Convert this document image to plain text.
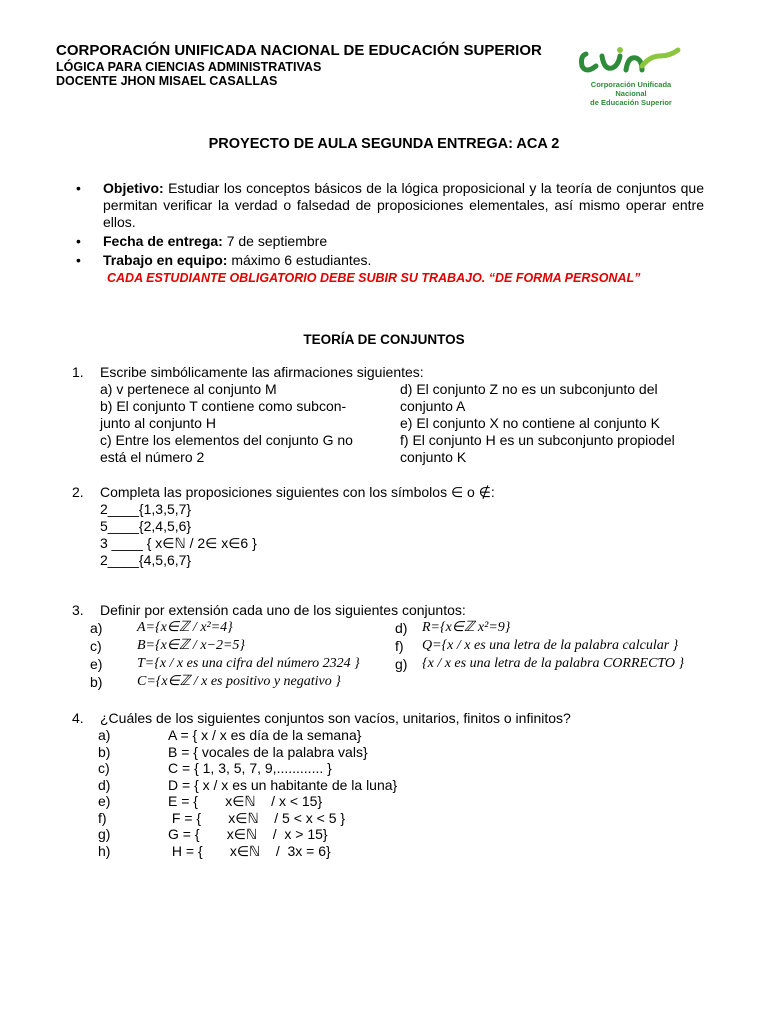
CORPORACIÓN UNIFICADA NACIONAL DE EDUCACIÓN SUPERIOR
LÓGICA PARA CIENCIAS ADMINISTRATIVAS
DOCENTE JHON MISAEL CASALLAS	Corporación Unificada Nacional
de Educación Superior
PROYECTO DE AULA SEGUNDA ENTREGA: ACA 2
• Objetivo: Estudiar los conceptos básicos de la lógica proposicional y la teoría de conjuntos que permitan verificar la verdad o falsedad de proposiciones elementales, así mismo operar entre ellos.
• Fecha de entrega: 7 de septiembre
• Trabajo en equipo: máximo 6 estudiantes.
CADA ESTUDIANTE OBLIGATORIO DEBE SUBIR SU TRABAJO. “DE FORMA PERSONAL”
TEORÍA DE CONJUNTOS
1. Escribe simbólicamente las afirmaciones siguientes:
a) v pertenece al conjunto M
b) El conjunto T contiene como subcon-
junto al conjunto H
c) Entre los elementos del conjunto G no
está el número 2
d) El conjunto Z no es un subconjunto del
conjunto A
e) El conjunto X no contiene al conjunto K
f) El conjunto H es un subconjunto propiodel
conjunto K
2. Completa las proposiciones siguientes con los símbolos ∈ o ∉:
2____{1,3,5,7}
5____{2,4,5,6}
3 ____ { x∈ℕ / 2∈ x∈6 }
2____{4,5,6,7}
3. Definir por extensión cada uno de los siguientes conjuntos:
a)	A={x∈ℤ / x²=4}	d)	R={x∈ℤ x²=9}
c)	B={x∈ℤ / x−2=5}	f)	Q={x / x es una letra de la palabra calcular }
e)	T={x / x es una cifra del número 2324 }	g)	{x / x es una letra de la palabra CORRECTO }
b)	C={x∈ℤ / x es positivo y negativo }
4. ¿Cuáles de los siguientes conjuntos son vacíos, unitarios, finitos o infinitos?
a)	A = { x / x es día de la semana}
b)	B = { vocales de la palabra vals}
c)	C = { 1, 3, 5, 7, 9,............ }
d)	D = { x / x es un habitante de la luna}
e)	E = {       x∈ℕ    / x < 15}
f)	F = {       x∈ℕ    / 5 < x < 5 }
g)	G = {       x∈ℕ    /  x > 15}
h)	H = {       x∈ℕ    /  3x = 6}
